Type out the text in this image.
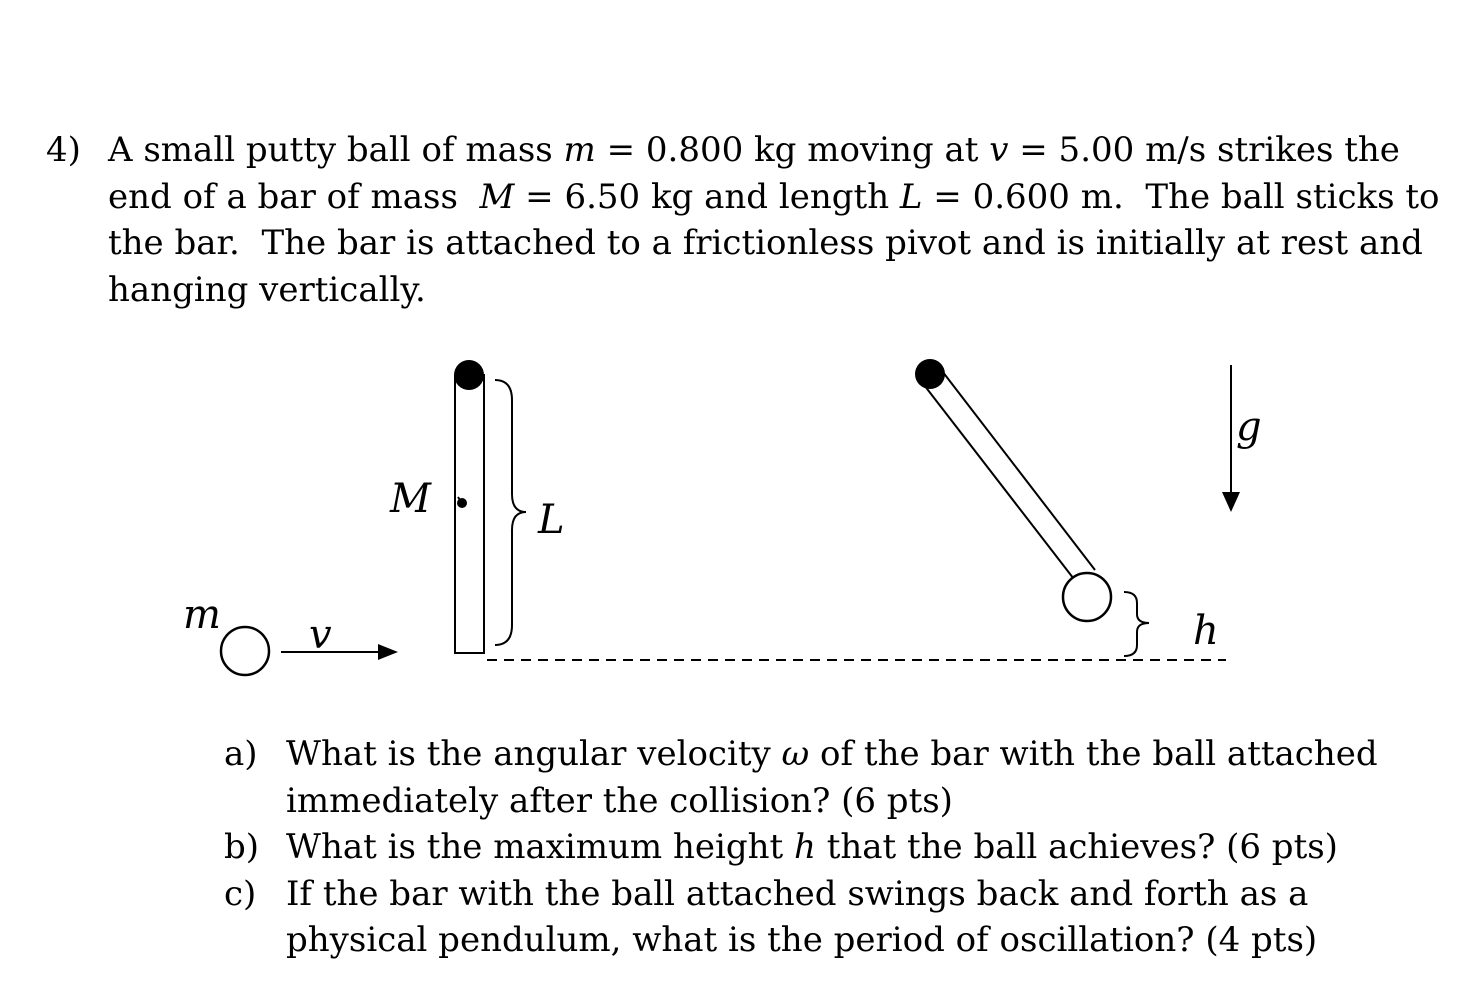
4) A small putty ball of mass m = 0.800 kg moving at v = 5.00 m/s strikes the
end of a bar of mass  M = 6.50 kg and length L = 0.600 m.  The ball sticks to
the bar.  The bar is attached to a frictionless pivot and is initially at rest and
hanging vertically.
m v
M	L
h
g
a) What is the angular velocity ω of the bar with the ball attached
immediately after the collision? (6 pts)
b) What is the maximum height h that the ball achieves? (6 pts)
c) If the bar with the ball attached swings back and forth as a
physical pendulum, what is the period of oscillation? (4 pts)
